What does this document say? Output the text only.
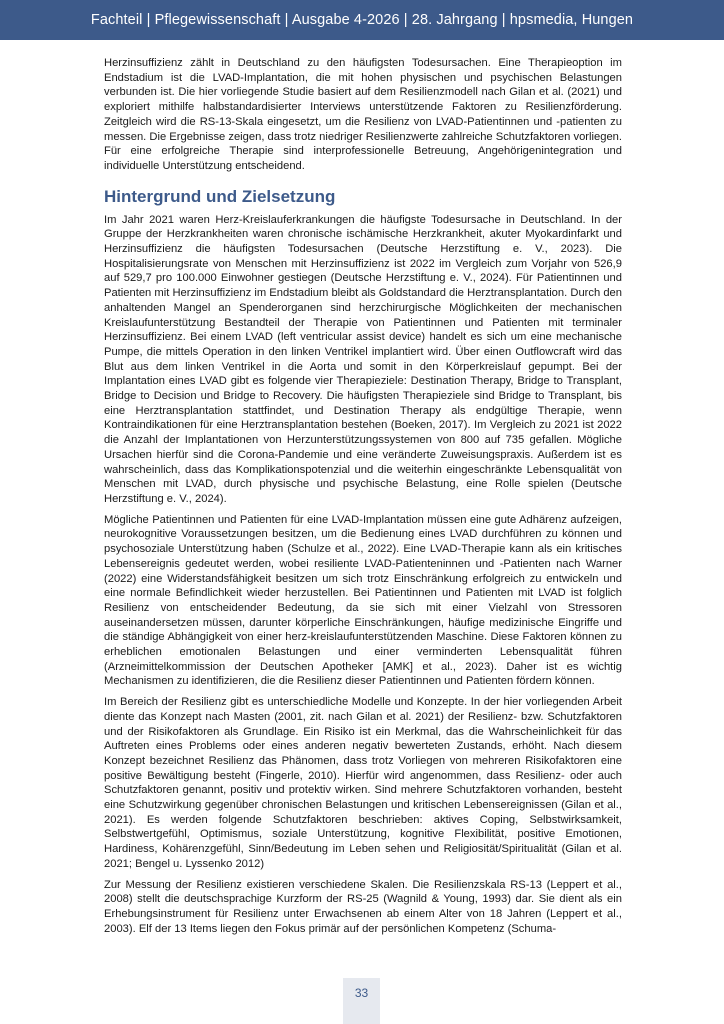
Fachteil | Pflegewissenschaft | Ausgabe 4-2026 | 28. Jahrgang | hpsmedia, Hungen

Herzinsuffizienz zählt in Deutschland zu den häufigsten Todesursachen. Eine Therapieoption im Endstadium ist die LVAD-Implantation, die mit hohen physischen und psychischen Belastungen verbunden ist. Die hier vorliegende Studie basiert auf dem Resilienzmodell nach Gilan et al. (2021) und exploriert mithilfe halbstandardisierter Interviews unterstützende Faktoren zu Resilienzförderung. Zeitgleich wird die RS-13-Skala eingesetzt, um die Resilienz von LVAD-Patientinnen und -patienten zu messen. Die Ergebnisse zeigen, dass trotz niedriger Resilienzwerte zahlreiche Schutzfaktoren vorliegen. Für eine erfolgreiche Therapie sind interprofessionelle Betreuung, Angehörigenintegration und individuelle Unterstützung entscheidend.

Hintergrund und Zielsetzung

Im Jahr 2021 waren Herz-Kreislauferkrankungen die häufigste Todesursache in Deutschland. In der Gruppe der Herzkrankheiten waren chronische ischämische Herzkrankheit, akuter Myokardinfarkt und Herzinsuffizienz die häufigsten Todesursachen (Deutsche Herzstiftung e. V., 2023). Die Hospitalisierungsrate von Menschen mit Herzinsuffizienz ist 2022 im Vergleich zum Vorjahr von 526,9 auf 529,7 pro 100.000 Einwohner gestiegen (Deutsche Herzstiftung e. V., 2024). Für Patientinnen und Patienten mit Herzinsuffizienz im Endstadium bleibt als Goldstandard die Herztransplantation. Durch den anhaltenden Mangel an Spenderorganen sind herzchirurgische Möglichkeiten der mechanischen Kreislaufunterstützung Bestandteil der Therapie von Patientinnen und Patienten mit terminaler Herzinsuffizienz. Bei einem LVAD (left ventricular assist device) handelt es sich um eine mechanische Pumpe, die mittels Operation in den linken Ventrikel implantiert wird. Über einen Outflowcraft wird das Blut aus dem linken Ventrikel in die Aorta und somit in den Körperkreislauf gepumpt. Bei der Implantation eines LVAD gibt es folgende vier Therapieziele: Destination Therapy, Bridge to Transplant, Bridge to Decision und Bridge to Recovery. Die häufigsten Therapieziele sind Bridge to Transplant, bis eine Herztransplantation stattfindet, und Destination Therapy als endgültige Therapie, wenn Kontraindikationen für eine Herztransplantation bestehen (Boeken, 2017). Im Vergleich zu 2021 ist 2022 die Anzahl der Implantationen von Herzunterstützungssystemen von 800 auf 735 gefallen. Mögliche Ursachen hierfür sind die Corona-Pandemie und eine veränderte Zuweisungspraxis. Außerdem ist es wahrscheinlich, dass das Komplikationspotenzial und die weiterhin eingeschränkte Lebensqualität von Menschen mit LVAD, durch physische und psychische Belastung, eine Rolle spielen (Deutsche Herzstiftung e. V., 2024).

Mögliche Patientinnen und Patienten für eine LVAD-Implantation müssen eine gute Adhärenz aufzeigen, neurokognitive Voraussetzungen besitzen, um die Bedienung eines LVAD durchführen zu können und psychosoziale Unterstützung haben (Schulze et al., 2022). Eine LVAD-Therapie kann als ein kritisches Lebensereignis gedeutet werden, wobei resiliente LVAD-Patienteninnen und -Patienten nach Warner (2022) eine Widerstandsfähigkeit besitzen um sich trotz Einschränkung erfolgreich zu entwickeln und eine normale Befindlichkeit wieder herzustellen. Bei Patientinnen und Patienten mit LVAD ist folglich Resilienz von entscheidender Bedeutung, da sie sich mit einer Vielzahl von Stressoren auseinandersetzen müssen, darunter körperliche Einschränkungen, häufige medizinische Eingriffe und die ständige Abhängigkeit von einer herz-kreislaufunterstützenden Maschine. Diese Faktoren können zu erheblichen emotionalen Belastungen und einer verminderten Lebensqualität führen (Arzneimittelkommission der Deutschen Apotheker [AMK] et al., 2023). Daher ist es wichtig Mechanismen zu identifizieren, die die Resilienz dieser Patientinnen und Patienten fördern können.

Im Bereich der Resilienz gibt es unterschiedliche Modelle und Konzepte. In der hier vorliegenden Arbeit diente das Konzept nach Masten (2001, zit. nach Gilan et al. 2021) der Resilienz- bzw. Schutzfaktoren und der Risikofaktoren als Grundlage. Ein Risiko ist ein Merkmal, das die Wahrscheinlichkeit für das Auftreten eines Problems oder eines anderen negativ bewerteten Zustands, erhöht. Nach diesem Konzept bezeichnet Resilienz das Phänomen, dass trotz Vorliegen von mehreren Risikofaktoren eine positive Bewältigung besteht (Fingerle, 2010). Hierfür wird angenommen, dass Resilienz- oder auch Schutzfaktoren genannt, positiv und protektiv wirken. Sind mehrere Schutzfaktoren vorhanden, besteht eine Schutzwirkung gegenüber chronischen Belastungen und kritischen Lebensereignissen (Gilan et al., 2021). Es werden folgende Schutzfaktoren beschrieben: aktives Coping, Selbstwirksamkeit, Selbstwertgefühl, Optimismus, soziale Unterstützung, kognitive Flexibilität, positive Emotionen, Hardiness, Kohärenzgefühl, Sinn/Bedeutung im Leben sehen und Religiosität/Spiritualität (Gilan et al. 2021; Bengel u. Lyssenko 2012)

Zur Messung der Resilienz existieren verschiedene Skalen. Die Resilienzskala RS-13 (Leppert et al., 2008) stellt die deutschsprachige Kurzform der RS-25 (Wagnild & Young, 1993) dar. Sie dient als ein Erhebungsinstrument für Resilienz unter Erwachsenen ab einem Alter von 18 Jahren (Leppert et al., 2003). Elf der 13 Items liegen den Fokus primär auf der persönlichen Kompetenz (Schuma-

33
